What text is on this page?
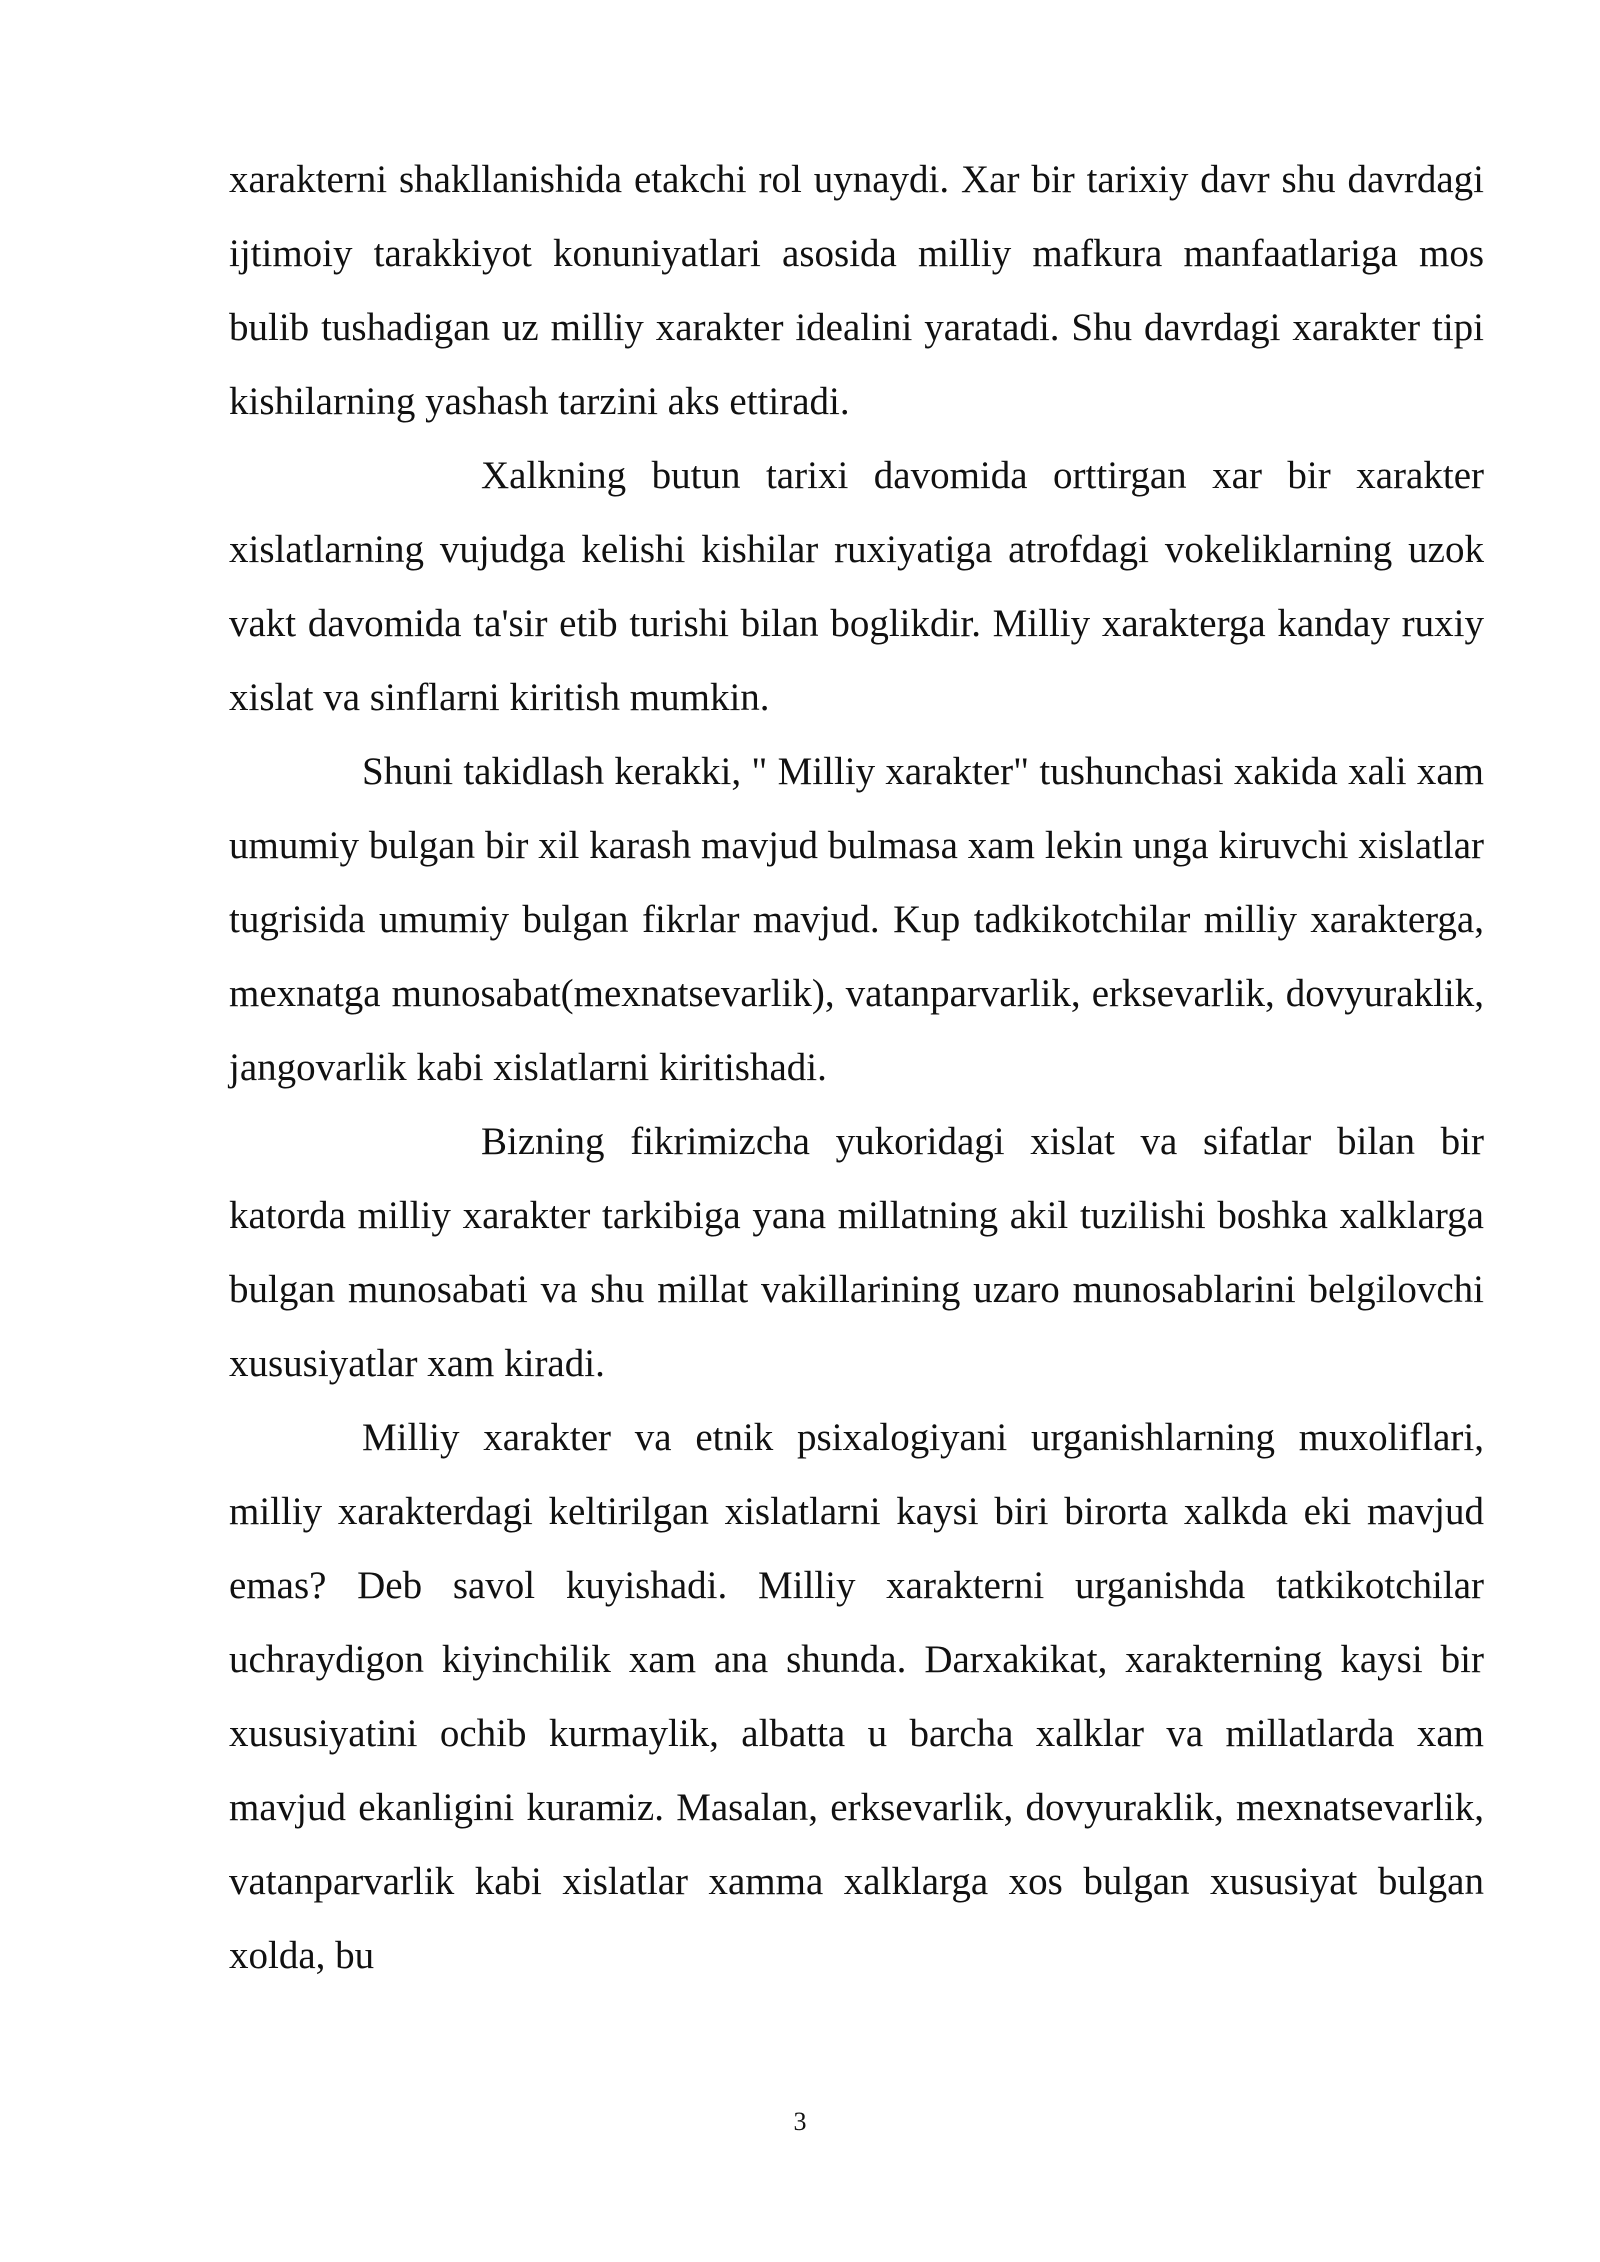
xarakterni shakllanishida etakchi rol uynaydi. Xar bir tarixiy davr shu davrdagi ijtimoiy tarakkiyot konuniyatlari asosida milliy mafkura manfaatlariga mos bulib tushadigan uz milliy xarakter idealini yaratadi. Shu davrdagi xarakter tipi kishilarning yashash tarzini aks ettiradi.

Xalkning butun tarixi davomida orttirgan xar bir xarakter xislatlarning vujudga kelishi kishilar ruxiyatiga atrofdagi vokeliklarning uzok vakt davomida ta'sir etib turishi bilan boglikdir. Milliy xarakterga kanday ruxiy xislat va sinflarni kiritish mumkin.

Shuni takidlash kerakki, " Milliy xarakter" tushunchasi xakida xali xam umumiy bulgan bir xil karash mavjud bulmasa xam lekin unga kiruvchi xislatlar tugrisida umumiy bulgan fikrlar mavjud. Kup tadkikotchilar milliy xarakterga, mexnatga munosabat(mexnatsevarlik), vatanparvarlik, erksevarlik, dovyuraklik, jangovarlik kabi xislatlarni kiritishadi.

Bizning fikrimizcha yukoridagi xislat va sifatlar bilan bir katorda milliy xarakter tarkibiga yana millatning akil tuzilishi boshka xalklarga bulgan munosabati va shu millat vakillarining uzaro munosablarini belgilovchi xususiyatlar xam kiradi.

Milliy xarakter va etnik psixalogiyani urganishlarning muxoliflari, milliy xarakterdagi keltirilgan xislatlarni kaysi biri birorta xalkda eki mavjud emas? Deb savol kuyishadi. Milliy xarakterni urganishda tatkikotchilar uchraydigon kiyinchilik xam ana shunda. Darxakikat, xarakterning kaysi bir xususiyatini ochib kurmaylik, albatta u barcha xalklar va millatlarda xam mavjud ekanligini kuramiz. Masalan, erksevarlik, dovyuraklik, mexnatsevarlik, vatanparvarlik kabi xislatlar xamma xalklarga xos bulgan xususiyat bulgan xolda, bu

3
